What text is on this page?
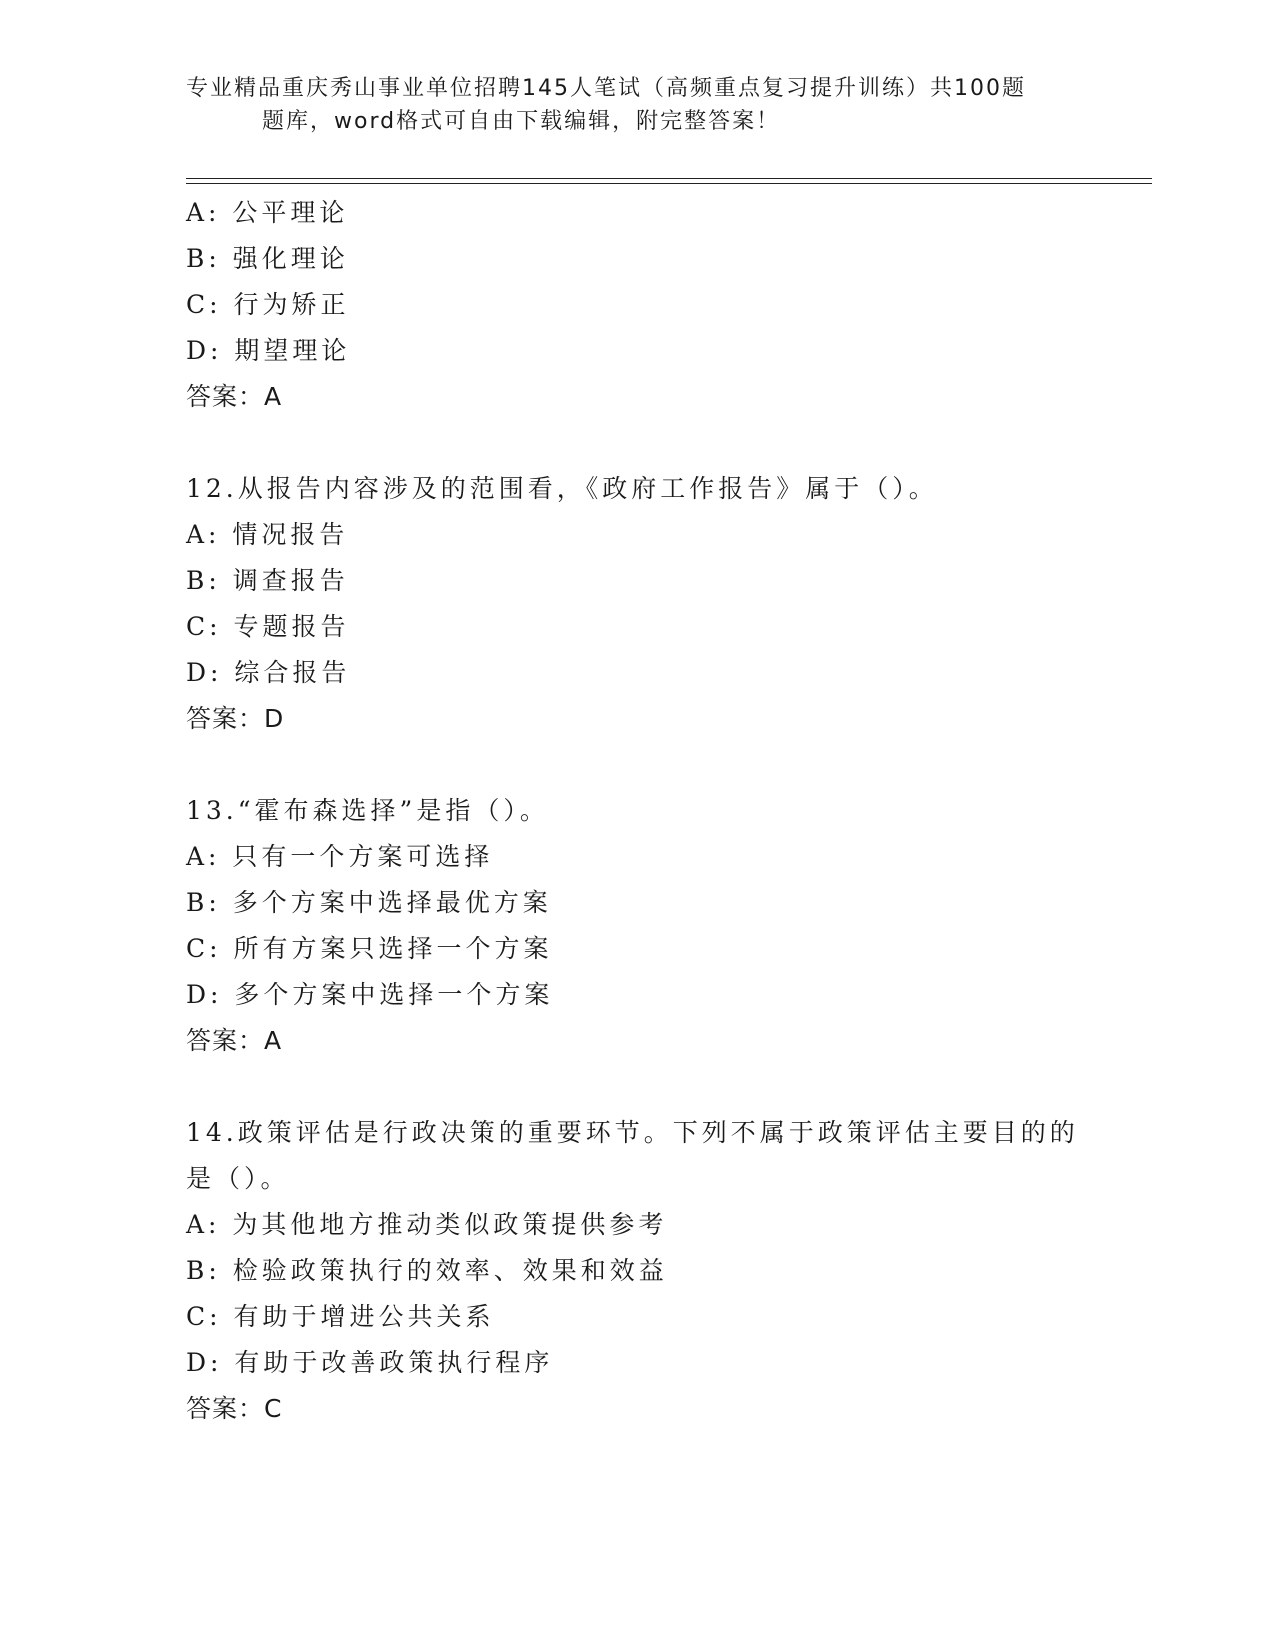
专业精品重庆秀山事业单位招聘145人笔试（高频重点复习提升训练）共100题
题库，word格式可自由下载编辑，附完整答案！
A: 公平理论
B: 强化理论
C: 行为矫正
D: 期望理论
答案：A
12.从报告内容涉及的范围看，《政府工作报告》属于（）。
A: 情况报告
B: 调查报告
C: 专题报告
D: 综合报告
答案：D
13.“霍布森选择”是指（）。
A: 只有一个方案可选择
B: 多个方案中选择最优方案
C: 所有方案只选择一个方案
D: 多个方案中选择一个方案
答案：A
14.政策评估是行政决策的重要环节。下列不属于政策评估主要目的的
是（）。
A: 为其他地方推动类似政策提供参考
B: 检验政策执行的效率、效果和效益
C: 有助于增进公共关系
D: 有助于改善政策执行程序
答案：C
